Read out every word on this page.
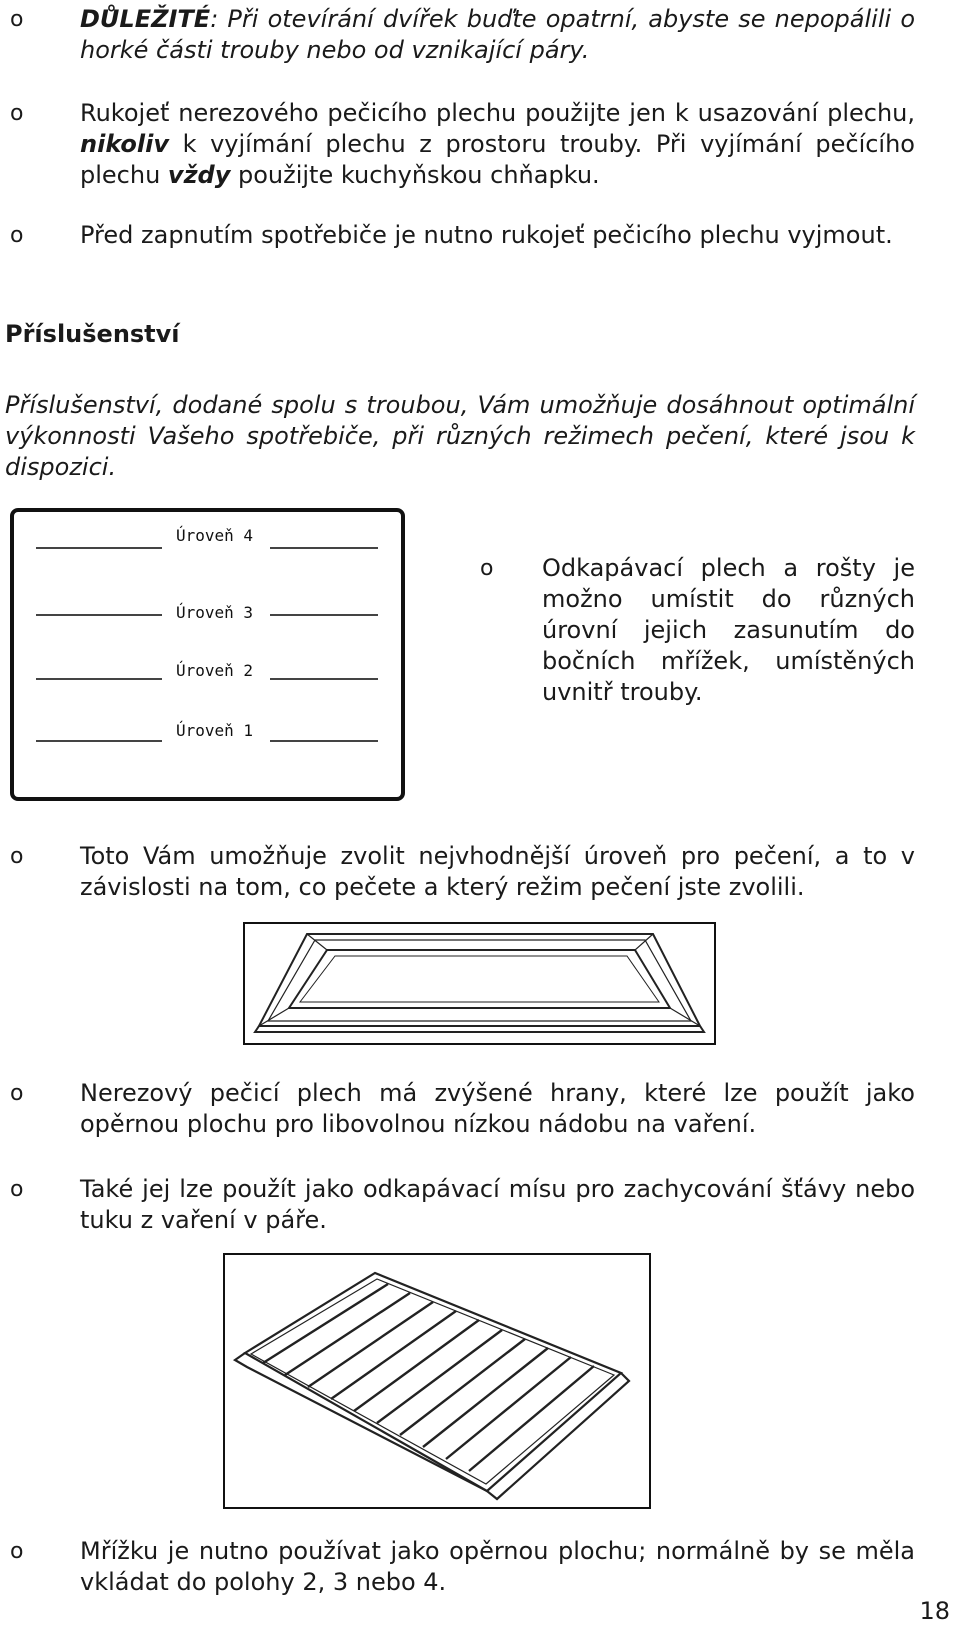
o DŮLEŽITÉ: Při otevírání dvířek buďte opatrní, abyste se nepopálili o horké části trouby nebo od vznikající páry.
o Rukojeť nerezového pečicího plechu použijte jen k usazování plechu, nikoliv k vyjímání plechu z prostoru trouby. Při vyjímání pečícího plechu vždy použijte kuchyňskou chňapku.
o Před zapnutím spotřebiče je nutno rukojeť pečicího plechu vyjmout.
Příslušenství
Příslušenství, dodané spolu s troubou, Vám umožňuje dosáhnout optimální výkonnosti Vašeho spotřebiče, při různých režimech pečení, které jsou k dispozici.
Úroveň 4
Úroveň 3
Úroveň 2
Úroveň 1
o Odkapávací plech a rošty je možno umístit do různých úrovní jejich zasunutím do bočních mřížek, umístěných uvnitř trouby.
o Toto Vám umožňuje zvolit nejvhodnější úroveň pro pečení, a to v závislosti na tom, co pečete a který režim pečení jste zvolili.
o Nerezový pečicí plech má zvýšené hrany, které lze použít jako opěrnou plochu pro libovolnou nízkou nádobu na vaření.
o Také jej lze použít jako odkapávací mísu pro zachycování šťávy nebo tuku z vaření v páře.
o Mřížku je nutno používat jako opěrnou plochu; normálně by se měla vkládat do polohy 2, 3 nebo 4.
18
